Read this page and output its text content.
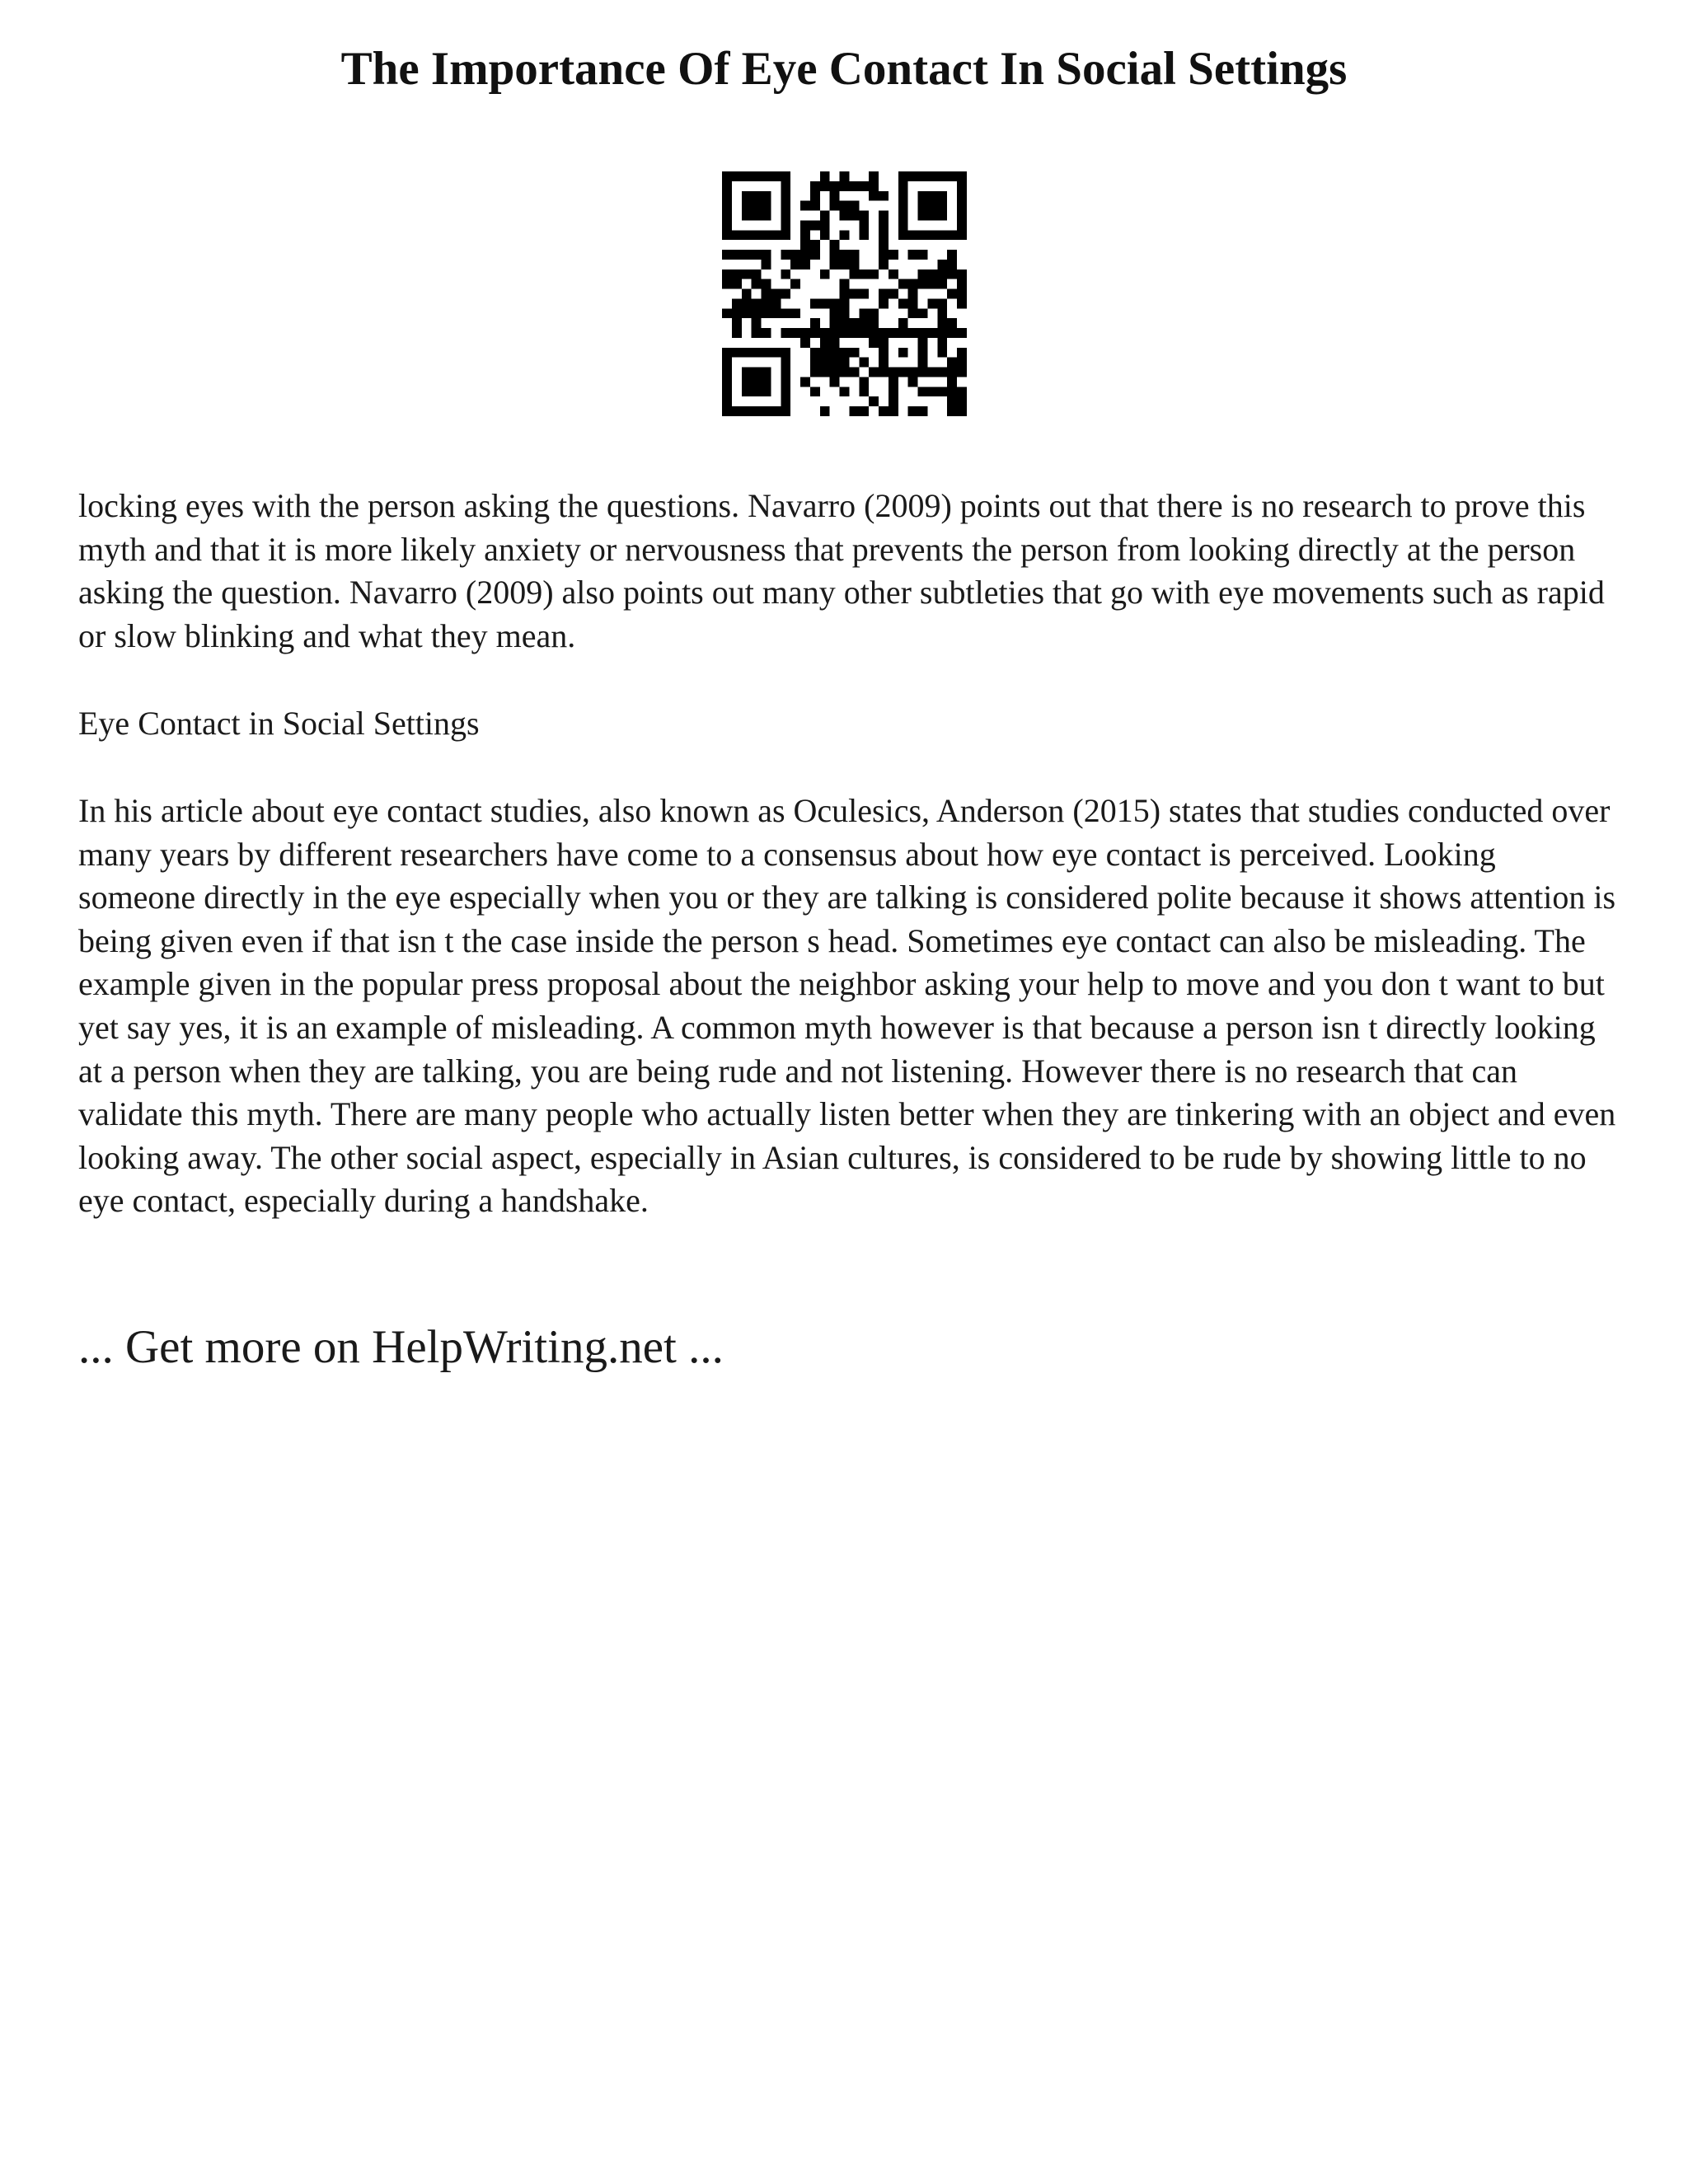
The Importance Of Eye Contact In Social Settings

locking eyes with the person asking the questions. Navarro (2009) points out that there is no research to prove this myth and that it is more likely anxiety or nervousness that prevents the person from looking directly at the person asking the question. Navarro (2009) also points out many other subtleties that go with eye movements such as rapid or slow blinking and what they mean.

Eye Contact in Social Settings

In his article about eye contact studies, also known as Oculesics, Anderson (2015) states that studies conducted over many years by different researchers have come to a consensus about how eye contact is perceived. Looking someone directly in the eye especially when you or they are talking is considered polite because it shows attention is being given even if that isn t the case inside the person s head. Sometimes eye contact can also be misleading. The example given in the popular press proposal about the neighbor asking your help to move and you don t want to but yet say yes, it is an example of misleading. A common myth however is that because a person isn t directly looking at a person when they are talking, you are being rude and not listening. However there is no research that can validate this myth. There are many people who actually listen better when they are tinkering with an object and even looking away. The other social aspect, especially in Asian cultures, is considered to be rude by showing little to no eye contact, especially during a handshake.

... Get more on HelpWriting.net ...
